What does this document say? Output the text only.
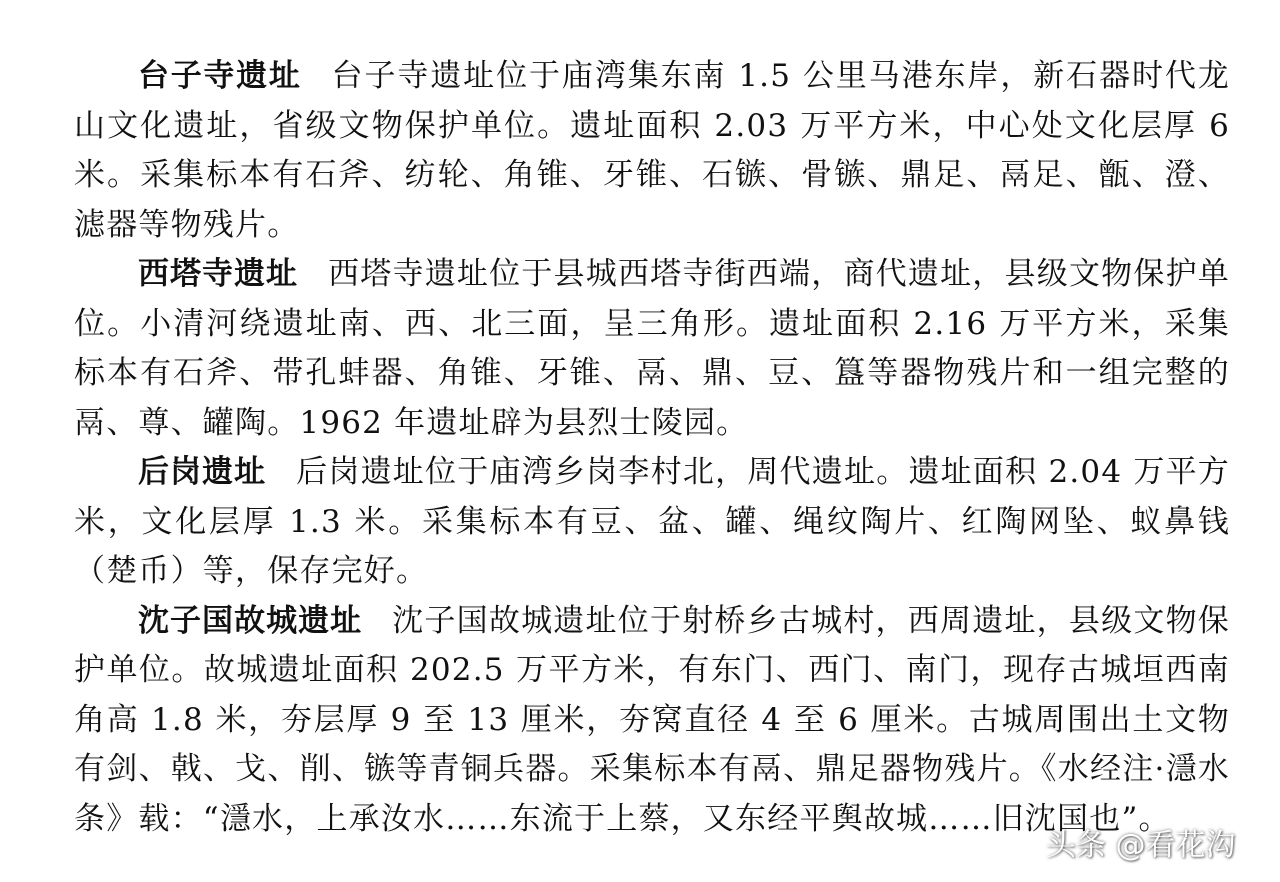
台子寺遗址 台子寺遗址位于庙湾集东南 1.5 公里马港东岸，新石器时代龙山文化遗址，省级文物保护单位。遗址面积 2.03 万平方米，中心处文化层厚 6 米。采集标本有石斧、纺轮、角锥、牙锥、石镞、骨镞、鼎足、鬲足、甑、澄、滤器等物残片。

西塔寺遗址 西塔寺遗址位于县城西塔寺街西端，商代遗址，县级文物保护单位。小清河绕遗址南、西、北三面，呈三角形。遗址面积 2.16 万平方米，采集标本有石斧、带孔蚌器、角锥、牙锥、鬲、鼎、豆、簋等器物残片和一组完整的鬲、尊、罐陶。1962 年遗址辟为县烈士陵园。

后岗遗址 后岗遗址位于庙湾乡岗李村北，周代遗址。遗址面积 2.04 万平方米，文化层厚 1.3 米。采集标本有豆、盆、罐、绳纹陶片、红陶网坠、蚁鼻钱（楚币）等，保存完好。

沈子国故城遗址 沈子国故城遗址位于射桥乡古城村，西周遗址，县级文物保护单位。故城遗址面积 202.5 万平方米，有东门、西门、南门，现存古城垣西南角高 1.8 米，夯层厚 9 至 13 厘米，夯窝直径 4 至 6 厘米。古城周围出土文物有剑、戟、戈、削、镞等青铜兵器。采集标本有鬲、鼎足器物残片。《水经注·濦水条》载：“濦水，上承汝水……东流于上蔡，又东经平舆故城……旧沈国也”。

头条 @看花沟
